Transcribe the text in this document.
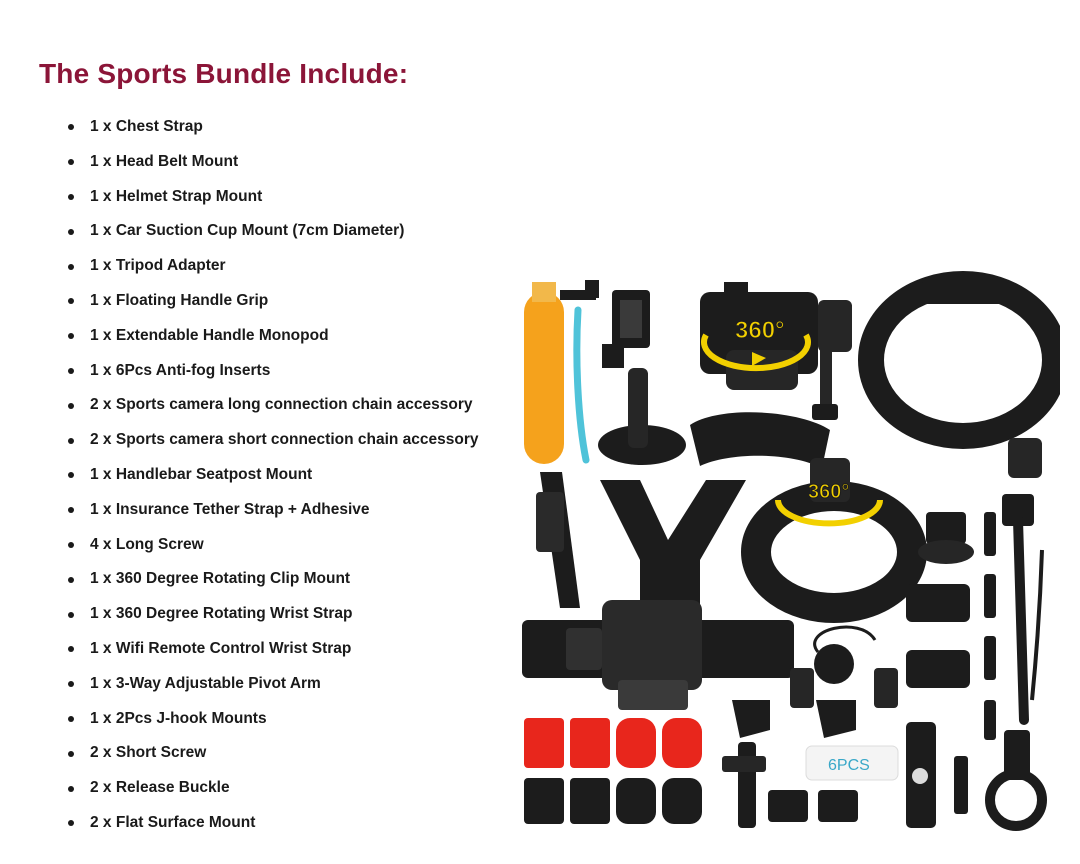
The Sports Bundle Include:
1 x Chest Strap
1 x Head Belt Mount
1 x Helmet Strap Mount
1 x Car Suction Cup Mount (7cm Diameter)
1 x Tripod Adapter
1 x Floating Handle Grip
1 x Extendable Handle Monopod
1 x 6Pcs Anti-fog Inserts
2 x Sports camera long connection chain accessory
2 x Sports camera short connection chain accessory
1 x Handlebar Seatpost Mount
1 x Insurance Tether Strap + Adhesive
4 x Long Screw
1 x 360 Degree Rotating Clip Mount
1 x 360 Degree Rotating Wrist Strap
1 x Wifi Remote Control Wrist Strap
1 x 3-Way Adjustable Pivot Arm
1 x 2Pcs J-hook Mounts
2 x Short Screw
2 x Release Buckle
2 x Flat Surface Mount
360°
360°
6PCS
